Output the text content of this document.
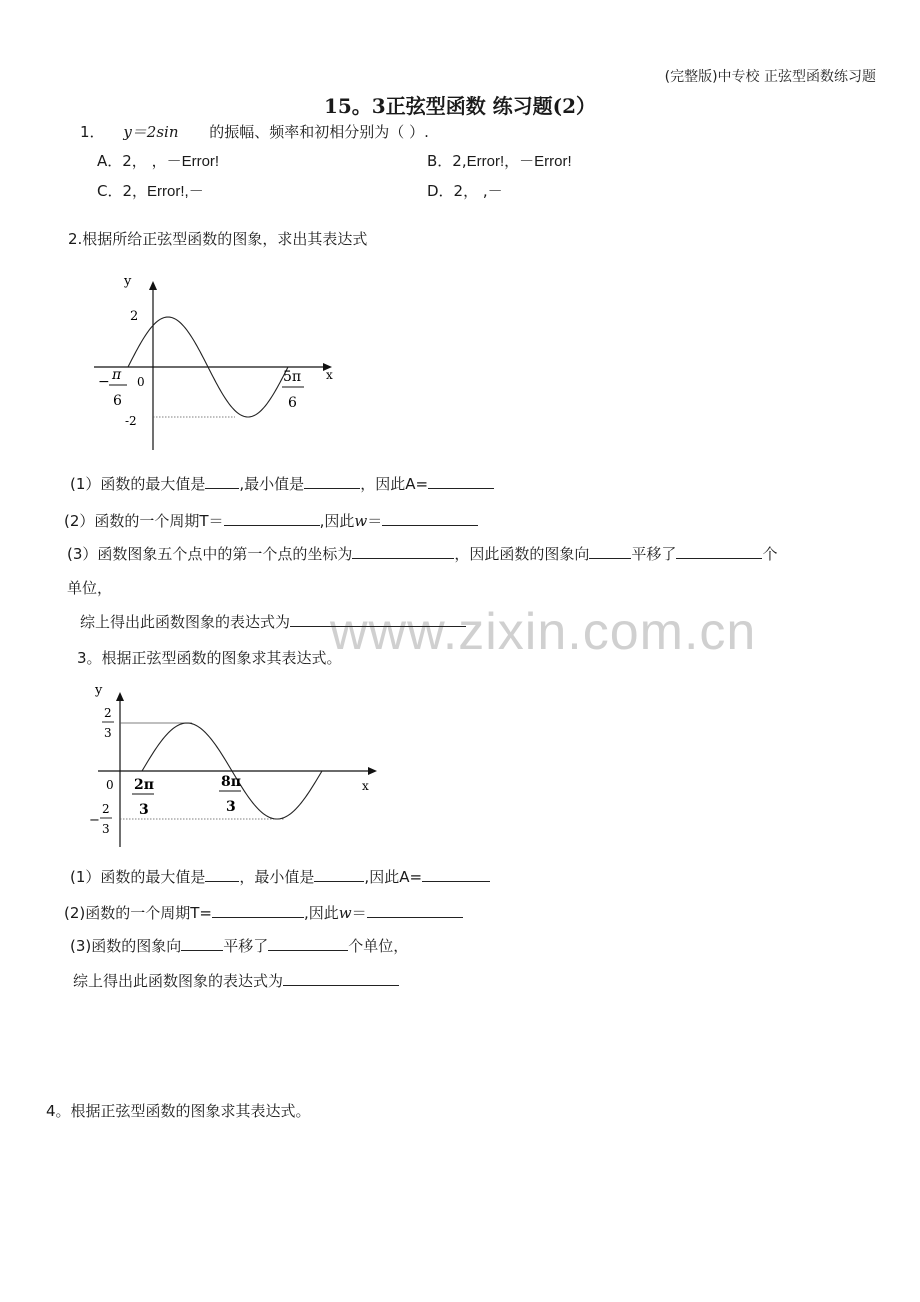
www.zixin.com.cn
(完整版)中专校 正弦型函数练习题
15。3正弦型函数 练习题(2）
1． y＝2sin 的振幅、频率和初相分别为（ ）.
A．2， ，－Error!	B．2,Error!，－Error!
C．2，Error!,－	D．2， ,－
2.根据所给正弦型函数的图象，求出其表达式
y
x
0
2
-2
− π
6
5π
6
(1）函数的最大值是 ,最小值是	，因此A=
(2）函数的一个周期T＝	,因此w＝
(3）函数图象五个点中的第一个点的坐标为	，因此函数的图象向	平移了	个
单位，
综上得出此函数图象的表达式为
3。根据正弦型函数的图象求其表达式。
y
x
0
2
3
−
2
3
2π
3
8π
3
(1）函数的最大值是 ，最小值是	,因此A=
(2)函数的一个周期T=	,因此w＝
(3)函数的图象向	平移了	个单位，
综上得出此函数图象的表达式为
4。根据正弦型函数的图象求其表达式。
